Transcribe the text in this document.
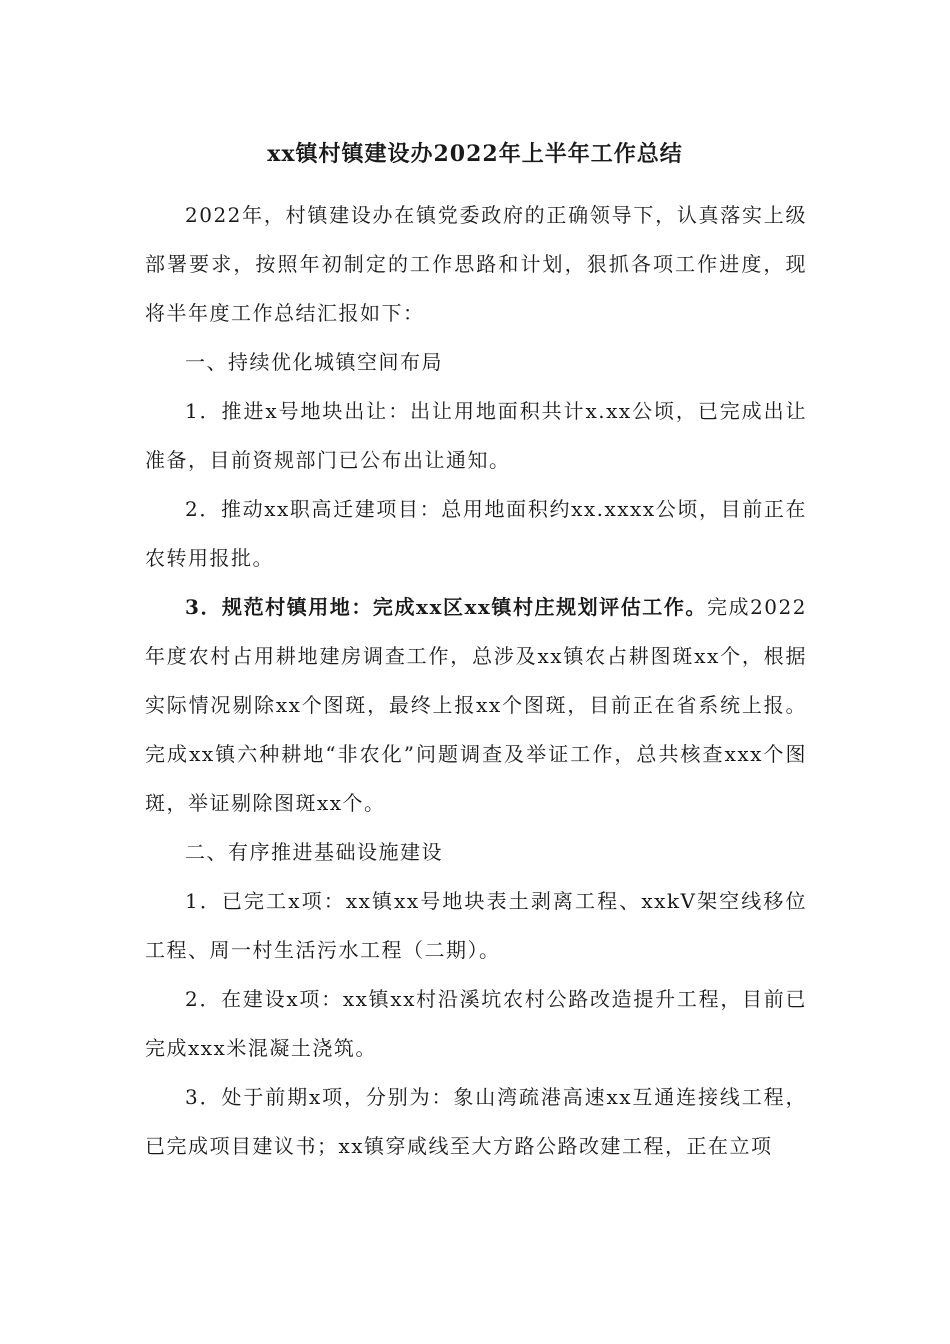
xx镇村镇建设办2022年上半年工作总结

2022年，村镇建设办在镇党委政府的正确领导下，认真落实上级部署要求，按照年初制定的工作思路和计划，狠抓各项工作进度，现将半年度工作总结汇报如下：

一、持续优化城镇空间布局

1．推进x号地块出让：出让用地面积共计x.xx公顷，已完成出让准备，目前资规部门已公布出让通知。

2．推动xx职高迁建项目：总用地面积约xx.xxxx公顷，目前正在农转用报批。

3．规范村镇用地：完成xx区xx镇村庄规划评估工作。完成2022年度农村占用耕地建房调查工作，总涉及xx镇农占耕图斑xx个，根据实际情况剔除xx个图斑，最终上报xx个图斑，目前正在省系统上报。完成xx镇六种耕地“非农化”问题调查及举证工作，总共核查xxx个图斑，举证剔除图斑xx个。

二、有序推进基础设施建设

1．已完工x项：xx镇xx号地块表土剥离工程、xxkV架空线移位工程、周一村生活污水工程（二期）。

2．在建设x项：xx镇xx村沿溪坑农村公路改造提升工程，目前已完成xxx米混凝土浇筑。

3．处于前期x项，分别为：象山湾疏港高速xx互通连接线工程，已完成项目建议书；xx镇穿咸线至大方路公路改建工程，正在立项
